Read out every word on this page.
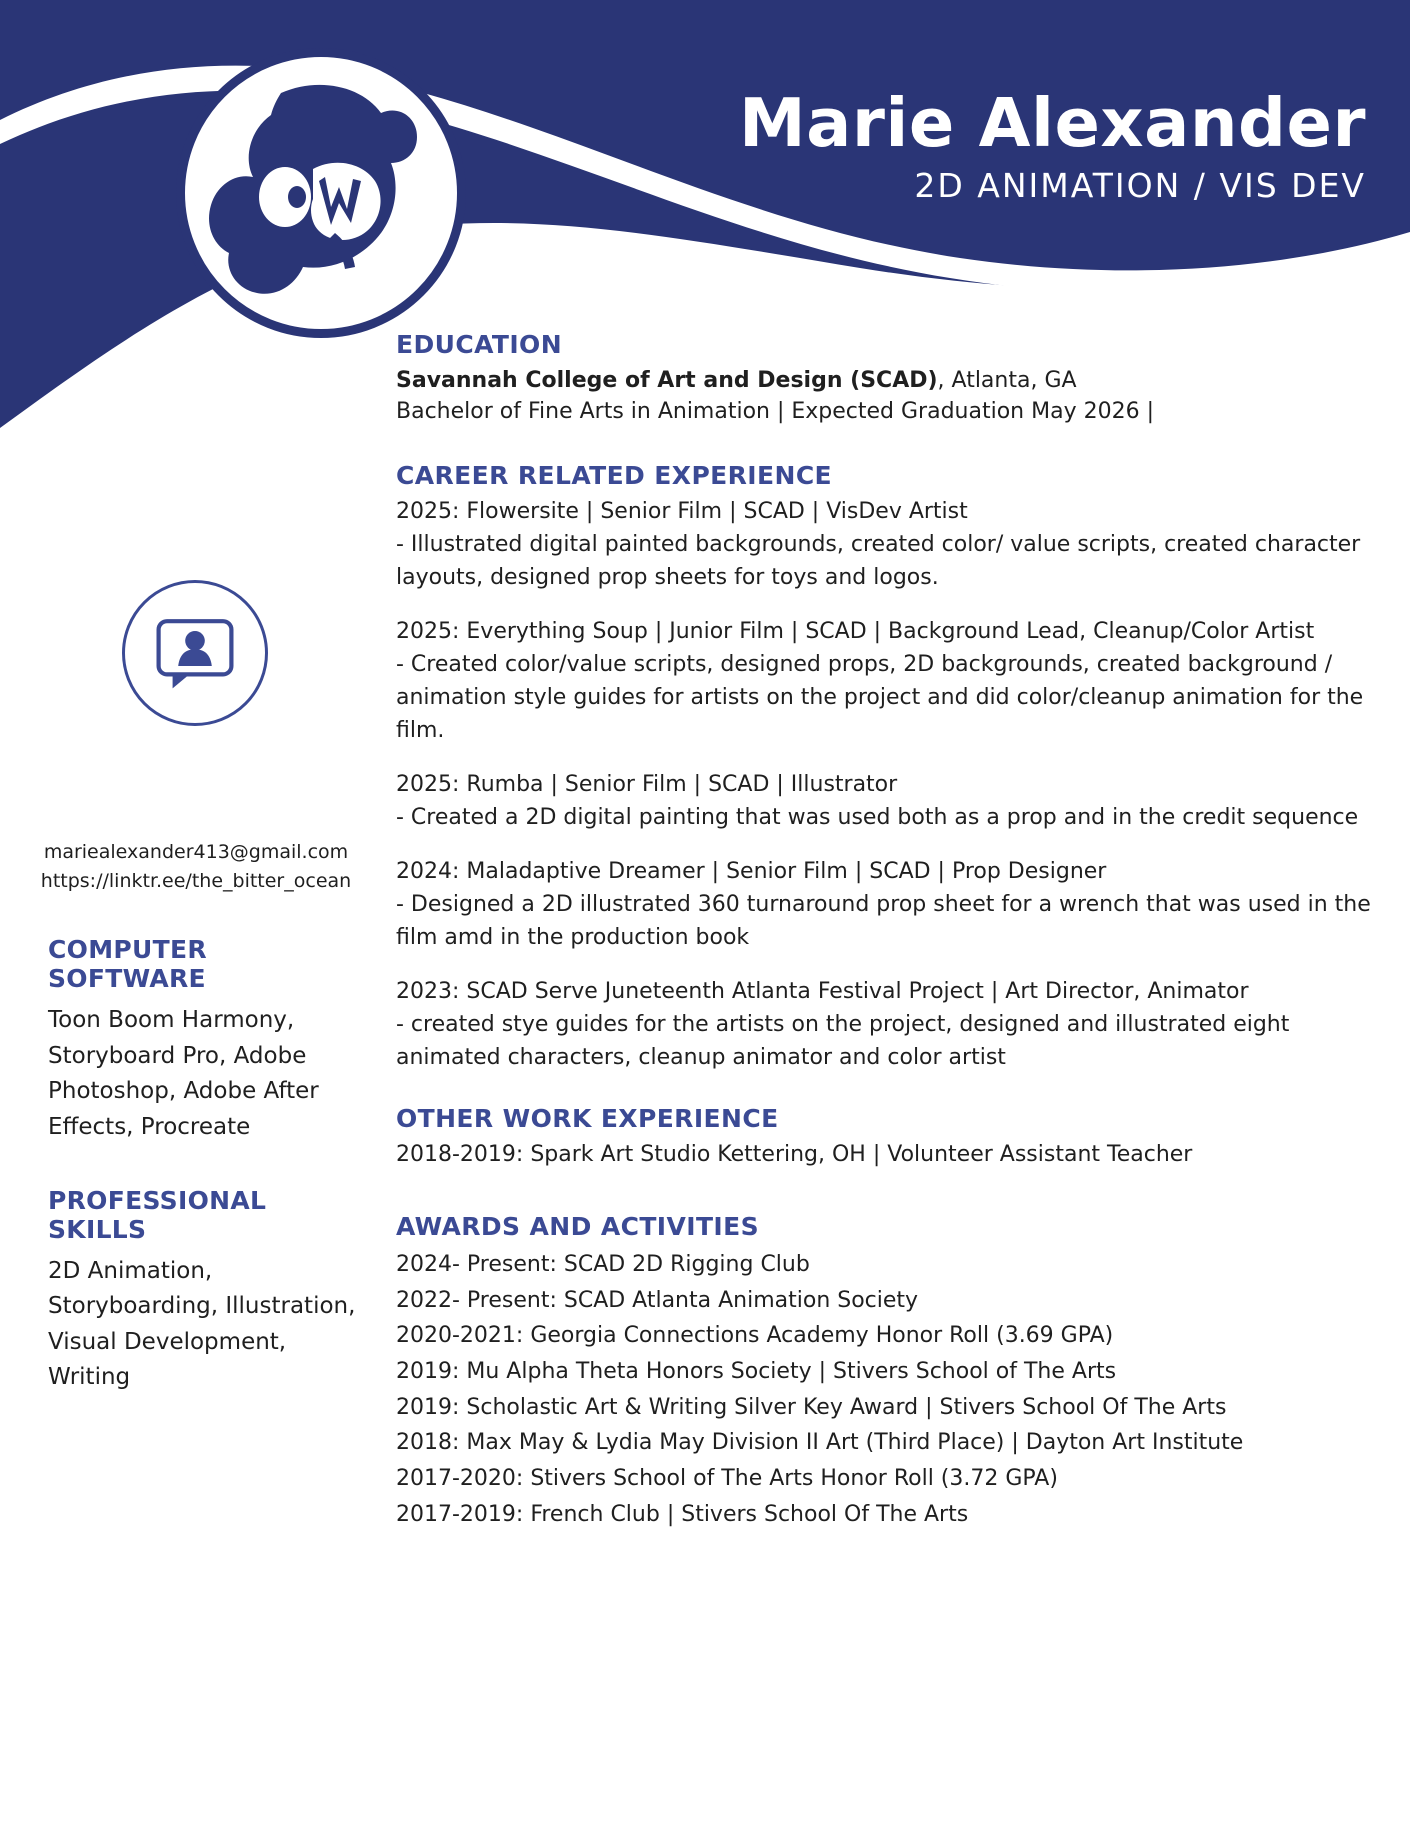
Marie Alexander
2D ANIMATION / VIS DEV
mariealexander413@gmail.com
https://linktr.ee/the_bitter_ocean
COMPUTER SOFTWARE
Toon Boom Harmony, Storyboard Pro, Adobe Photoshop, Adobe After Effects, Procreate
PROFESSIONAL SKILLS
2D Animation, Storyboarding, Illustration, Visual Development, Writing
EDUCATION
Savannah College of Art and Design (SCAD), Atlanta, GA
Bachelor of Fine Arts in Animation | Expected Graduation May 2026 |
CAREER RELATED EXPERIENCE
2025: Flowersite | Senior Film | SCAD | VisDev Artist
- Illustrated digital painted backgrounds, created color/ value scripts, created character layouts, designed prop sheets for toys and logos.
2025: Everything Soup | Junior Film | SCAD | Background Lead, Cleanup/Color Artist
- Created color/value scripts, designed props, 2D backgrounds, created background / animation style guides for artists on the project and did color/cleanup animation for the film.
2025: Rumba | Senior Film | SCAD | Illustrator
- Created a 2D digital painting that was used both as a prop and in the credit sequence
2024: Maladaptive Dreamer | Senior Film | SCAD | Prop Designer
- Designed a 2D illustrated 360 turnaround prop sheet for a wrench that was used in the film amd in the production book
2023: SCAD Serve Juneteenth Atlanta Festival Project | Art Director, Animator
- created stye guides for the artists on the project, designed and illustrated eight animated characters, cleanup animator and color artist
OTHER WORK EXPERIENCE
2018-2019: Spark Art Studio Kettering, OH | Volunteer Assistant Teacher
AWARDS AND ACTIVITIES
2024- Present: SCAD 2D Rigging Club
2022- Present: SCAD Atlanta Animation Society
2020-2021: Georgia Connections Academy Honor Roll (3.69 GPA)
2019: Mu Alpha Theta Honors Society | Stivers School of The Arts
2019: Scholastic Art & Writing Silver Key Award | Stivers School Of The Arts
2018: Max May & Lydia May Division II Art (Third Place) | Dayton Art Institute
2017-2020: Stivers School of The Arts Honor Roll (3.72 GPA)
2017-2019: French Club | Stivers School Of The Arts
